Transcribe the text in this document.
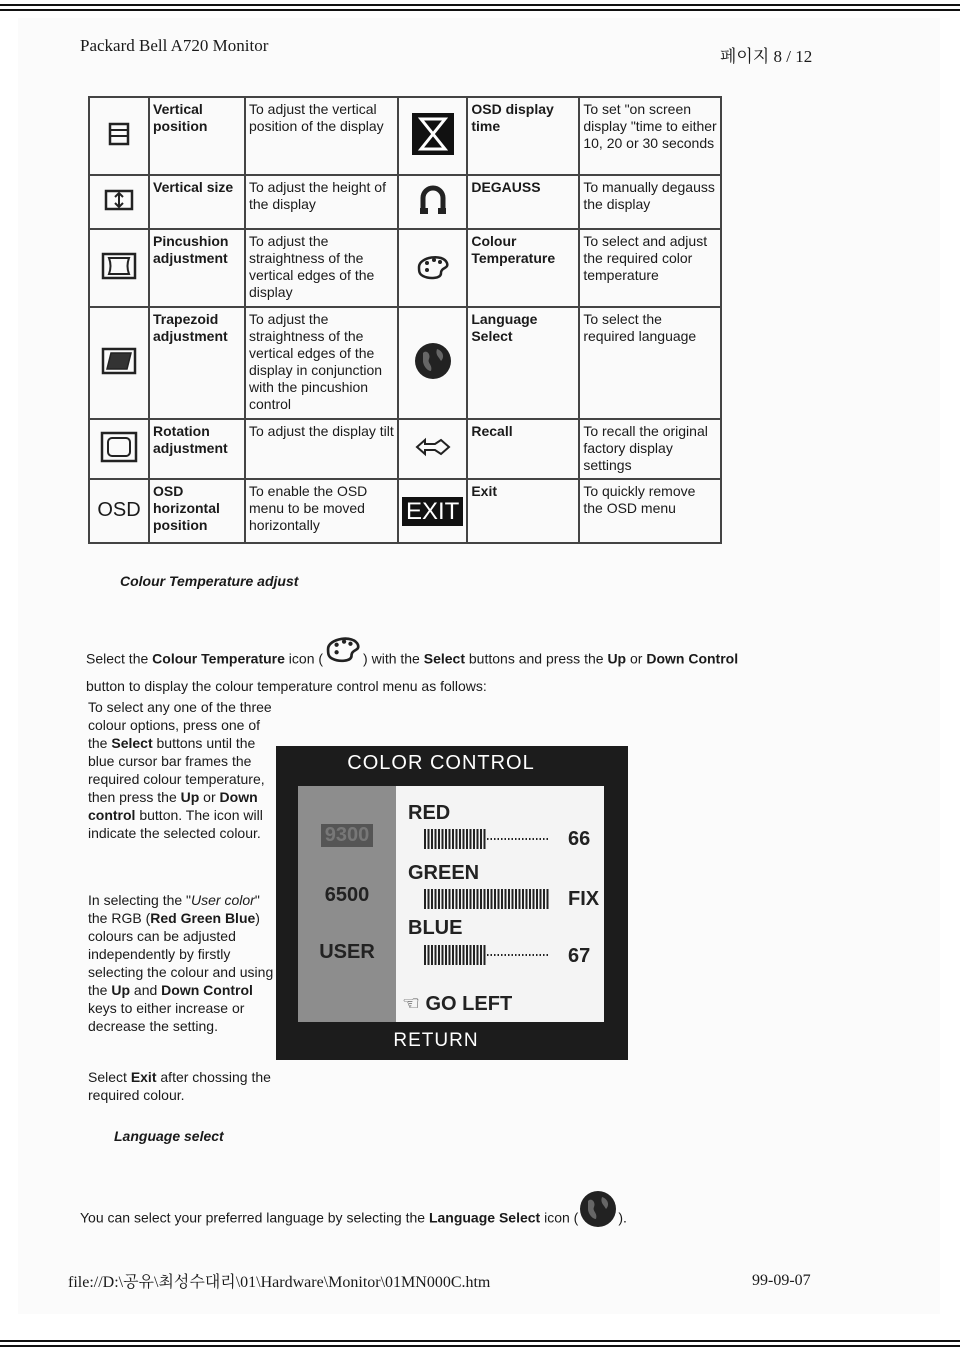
Packard Bell A720 Monitor
페이지 8 / 12
	Vertical position	To adjust the vertical position of the display		OSD display time	To set "on screen display "time to either 10, 20 or 30 seconds
	Vertical size	To adjust the height of the display		DEGAUSS	To manually degauss the display
	Pincushion adjustment	To adjust the straightness of the vertical edges of the display		Colour Temperature	To select and adjust the required color temperature
	Trapezoid adjustment	To adjust the straightness of the vertical edges of the display in conjunction with the pincushion control		Language Select	To select the required language
	Rotation adjustment	To adjust the display tilt		Recall	To recall the original factory display settings
OSD	OSD horizontal position	To enable the OSD menu to be moved horizontally	EXIT	Exit	To quickly remove the OSD menu
Colour Temperature adjust
Select the Colour Temperature icon (	) with the Select buttons and press the Up or Down Control
button to display the colour temperature control menu as follows:
To select any one of the three colour options, press one of the Select buttons until the blue cursor bar frames the required colour temperature, then press the Up or Down control button. The icon will indicate the selected colour.
In selecting the "User color" the RGB (Red Green Blue) colours can be adjusted independently by firstly selecting the colour and using the Up and Down Control keys to either increase or decrease the setting.
Select Exit after chossing the required colour.
COLOR CONTROL
9300
6500
USER
RED
66
GREEN
FIX
BLUE
67
☜ GO LEFT
RETURN
Language select
You can select your preferred language by selecting the Language Select icon (	).
file://D:\공유\최성수대리\01\Hardware\Monitor\01MN000C.htm	99-09-07
